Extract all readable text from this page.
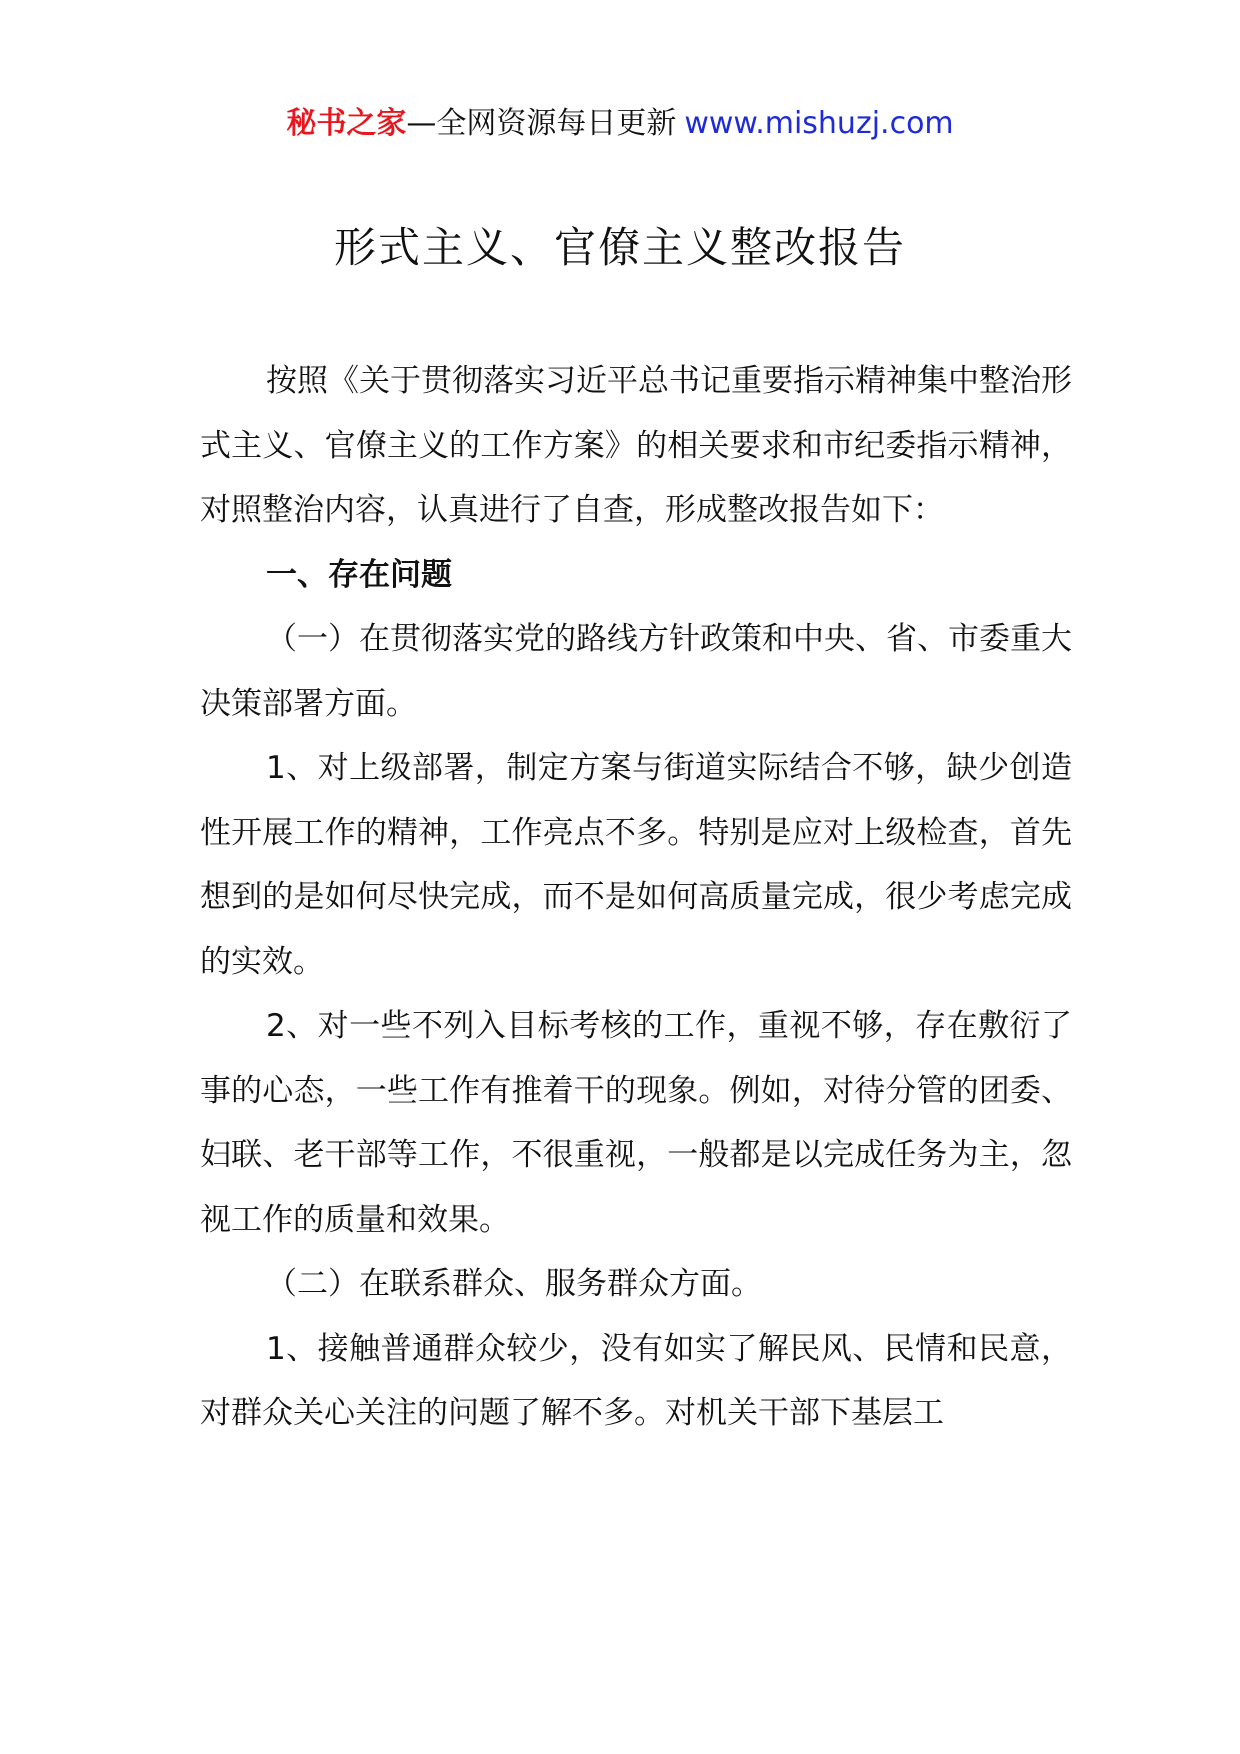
秘书之家—全网资源每日更新 www.mishuzj.com
形式主义、官僚主义整改报告

按照《关于贯彻落实习近平总书记重要指示精神集中整治形式主义、官僚主义的工作方案》的相关要求和市纪委指示精神，对照整治内容，认真进行了自查，形成整改报告如下：

一、存在问题

（一）在贯彻落实党的路线方针政策和中央、省、市委重大决策部署方面。

1、对上级部署，制定方案与街道实际结合不够，缺少创造性开展工作的精神，工作亮点不多。特别是应对上级检查，首先想到的是如何尽快完成，而不是如何高质量完成，很少考虑完成的实效。

2、对一些不列入目标考核的工作，重视不够，存在敷衍了事的心态，一些工作有推着干的现象。例如，对待分管的团委、妇联、老干部等工作，不很重视，一般都是以完成任务为主，忽视工作的质量和效果。

（二）在联系群众、服务群众方面。

1、接触普通群众较少，没有如实了解民风、民情和民意，对群众关心关注的问题了解不多。对机关干部下基层工
